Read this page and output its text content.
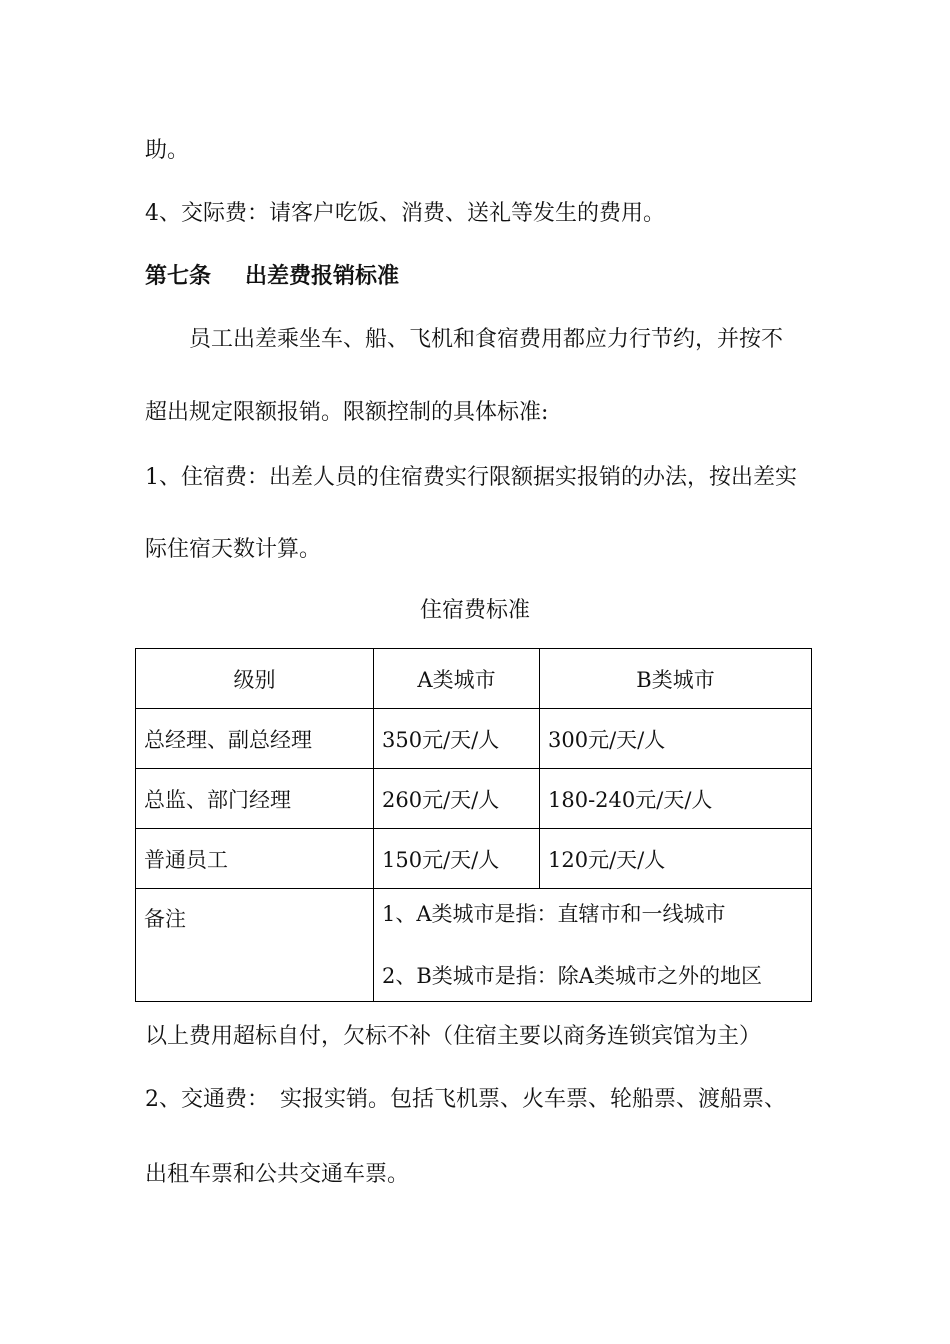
助。

4、交际费：请客户吃饭、消费、送礼等发生的费用。

第七条 出差费报销标准

员工出差乘坐车、船、飞机和食宿费用都应力行节约，并按不

超出规定限额报销。限额控制的具体标准:

1、住宿费：出差人员的住宿费实行限额据实报销的办法，按出差实

际住宿天数计算。

住宿费标准
级别	A类城市	B类城市
总经理、副总经理	350元/天/人	300元/天/人
总监、部门经理	260元/天/人	180-240元/天/人
普通员工	150元/天/人	120元/天/人
备注	1、A类城市是指：直辖市和一线城市
2、B类城市是指：除A类城市之外的地区	

以上费用超标自付，欠标不补（住宿主要以商务连锁宾馆为主）

2、交通费：　实报实销。包括飞机票、火车票、轮船票、渡船票、

出租车票和公共交通车票。
